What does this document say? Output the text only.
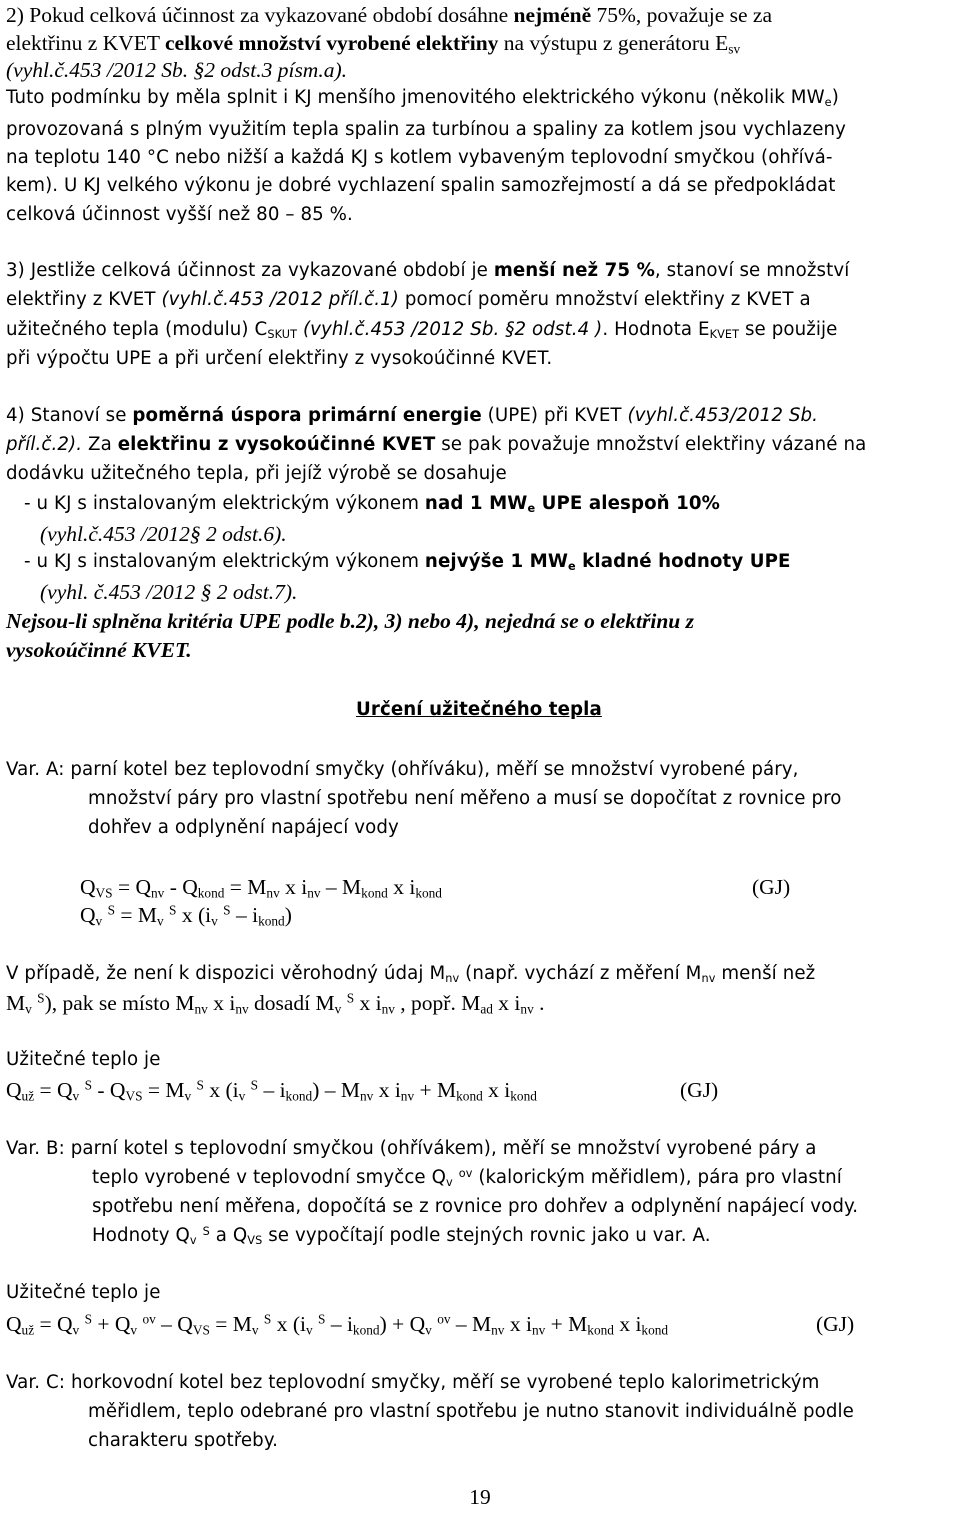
2) Pokud celková účinnost za vykazované období dosáhne nejméně 75%, považuje se za
elektřinu z KVET celkové množství vyrobené elektřiny na výstupu z generátoru $E_{sv}$
(vyhl.č.453 /2012 Sb. §2 odst.3 písm.a).
Tuto podmínku by měla splnit i KJ menšího jmenovitého elektrického výkonu (několik $MW_e$)
provozovaná s plným využitím tepla spalin za turbínou a spaliny za kotlem jsou vychlazeny
na teplotu 140 °C nebo nižší a každá KJ s kotlem vybaveným teplovodní smyčkou (ohřívá-
kem). U KJ velkého výkonu je dobré vychlazení spalin samozřejmostí a dá se předpokládat
celková účinnost vyšší než 80 – 85 %.
3) Jestliže celková účinnost za vykazované období je menší než 75 %, stanoví se množství
elektřiny z KVET (vyhl.č.453 /2012 příl.č.1) pomocí poměru množství elektřiny z KVET a
užitečného tepla (modulu) $C_{SKUT}$ (vyhl.č.453 /2012 Sb. §2 odst.4 ). Hodnota $E_{KVET}$ se použije
při výpočtu UPE a při určení elektřiny z vysokoúčinné KVET.
4) Stanoví se poměrná úspora primární energie (UPE) při KVET (vyhl.č.453/2012 Sb.
příl.č.2). Za elektřinu z vysokoúčinné KVET se pak považuje množství elektřiny vázané na
dodávku užitečného tepla, při jejíž výrobě se dosahuje
- u KJ s instalovaným elektrickým výkonem nad 1 $MW_e$ UPE alespoň 10%
(vyhl.č.453 /2012§ 2 odst.6).
- u KJ s instalovaným elektrickým výkonem nejvýše 1 $MW_e$ kladné hodnoty UPE
(vyhl. č.453 /2012 § 2 odst.7).
Nejsou-li splněna kritéria UPE podle b.2), 3) nebo 4), nejedná se o elektřinu z
vysokoúčinné KVET.
Určení užitečného tepla
Var. A: parní kotel bez teplovodní smyčky (ohříváku), měří se množství vyrobené páry,
množství páry pro vlastní spotřebu není měřeno a musí se dopočítat z rovnice pro
dohřev a odplynění napájecí vody
$Q_{VS} = Q_{nv} - Q_{kond} = M_{nv}$ x $i_{nv} - M_{kond}$ x $i_{kond}$	(GJ)
$Q_v$ $^S = M_v$ $^S$ x ($i_v$ $^S - i_{kond}$)
V případě, že není k dispozici věrohodný údaj $M_{nv}$ (např. vychází z měření $M_{nv}$ menší než
$M_v$ $^S$), pak se místo $M_{nv}$ x $i_{nv}$ dosadí $M_v$ $^S$ x $i_{nv}$ , popř. $M_{ad}$ x $i_{nv}$ .
Užitečné teplo je
$Q_{už} = Q_v$ $^S - Q_{VS} = M_v$ $^S$ x ($i_v$ $^S - i_{kond}) - M_{nv}$ x $i_{nv} + M_{kond}$ x $i_{kond}$	(GJ)
Var. B: parní kotel s teplovodní smyčkou (ohřívákem), měří se množství vyrobené páry a
teplo vyrobené v teplovodní smyčce $Q_v$ $^{ov}$ (kalorickým měřidlem), pára pro vlastní
spotřebu není měřena, dopočítá se z rovnice pro dohřev a odplynění napájecí vody.
Hodnoty $Q_v$ $^S$ a $Q_{VS}$ se vypočítají podle stejných rovnic jako u var. A.
Užitečné teplo je
$Q_{už} = Q_v$ $^S + Q_v$ $^{ov} - Q_{VS} = M_v$ $^S$ x ($i_v$ $^S - i_{kond}) + Q_v$ $^{ov} - M_{nv}$ x $i_{nv} + M_{kond}$ x $i_{kond}$	(GJ)
Var. C: horkovodní kotel bez teplovodní smyčky, měří se vyrobené teplo kalorimetrickým
měřidlem, teplo odebrané pro vlastní spotřebu je nutno stanovit individuálně podle
charakteru spotřeby.
19
